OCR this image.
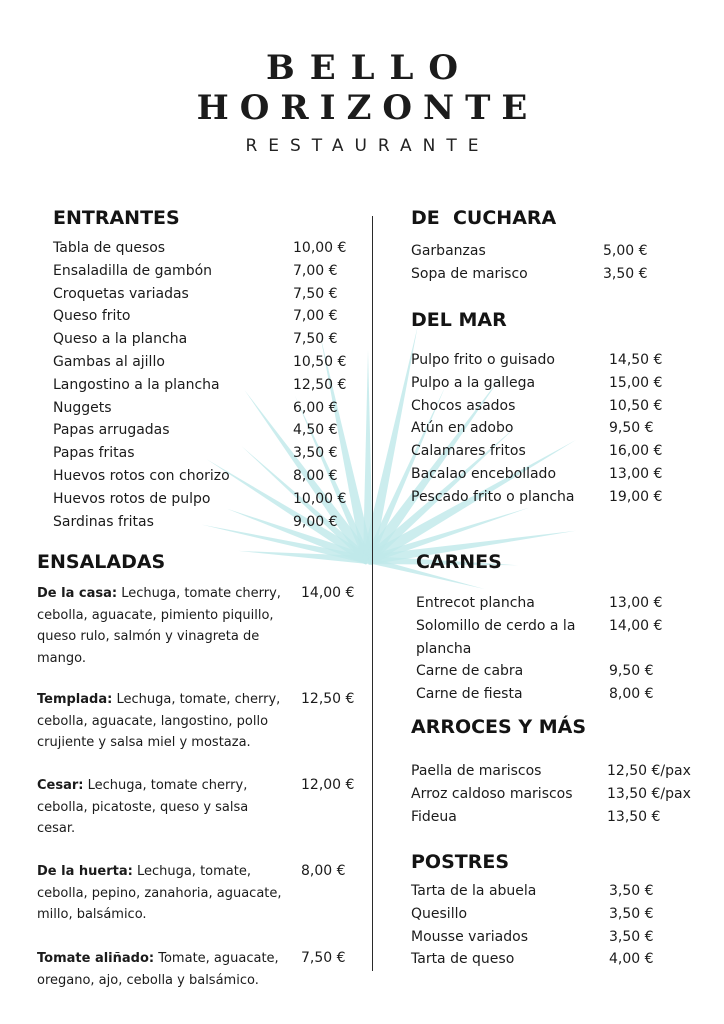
BELLO
HORIZONTE
RESTAURANTE
ENTRANTES
Tabla de quesos	10,00 €
Ensaladilla de gambón	7,00 €
Croquetas variadas	7,50 €
Queso frito	7,00 €
Queso a la plancha	7,50 €
Gambas al ajillo	10,50 €
Langostino a la plancha	12,50 €
Nuggets	6,00 €
Papas arrugadas	4,50 €
Papas fritas	3,50 €
Huevos rotos con chorizo	8,00 €
Huevos rotos de pulpo	10,00 €
Sardinas fritas	9,00 €
ENSALADAS
De la casa: Lechuga, tomate cherry, cebolla, aguacate, pimiento piquillo, queso rulo, salmón y vinagreta de mango.
14,00 €
Templada: Lechuga, tomate, cherry, cebolla, aguacate, langostino, pollo crujiente y salsa miel y mostaza.
12,50 €
Cesar: Lechuga, tomate cherry, cebolla, picatoste, queso y salsa cesar.
12,00 €
De la huerta: Lechuga, tomate, cebolla, pepino, zanahoria, aguacate, millo, balsámico.
8,00 €
Tomate aliñado: Tomate, aguacate, oregano, ajo, cebolla y balsámico.
7,50 €
DE  CUCHARA
Garbanzas	5,00 €
Sopa de marisco	3,50 €
DEL MAR
Pulpo frito o guisado	14,50 €
Pulpo a la gallega	15,00 €
Chocos asados	10,50 €
Atún en adobo	9,50 €
Calamares fritos	16,00 €
Bacalao encebollado	13,00 €
Pescado frito o plancha 19,00 €
CARNES
Entrecot plancha	13,00 €
Solomillo de cerdo a la plancha
14,00 €
Carne de cabra	9,50 €
Carne de fiesta	8,00 €
ARROCES Y MÁS
Paella de mariscos	12,50 €/pax
Arroz caldoso mariscos 13,50 €/pax
Fideua	13,50 €
POSTRES
Tarta de la abuela	3,50 €
Quesillo	3,50 €
Mousse variados	3,50 €
Tarta de queso	4,00 €
